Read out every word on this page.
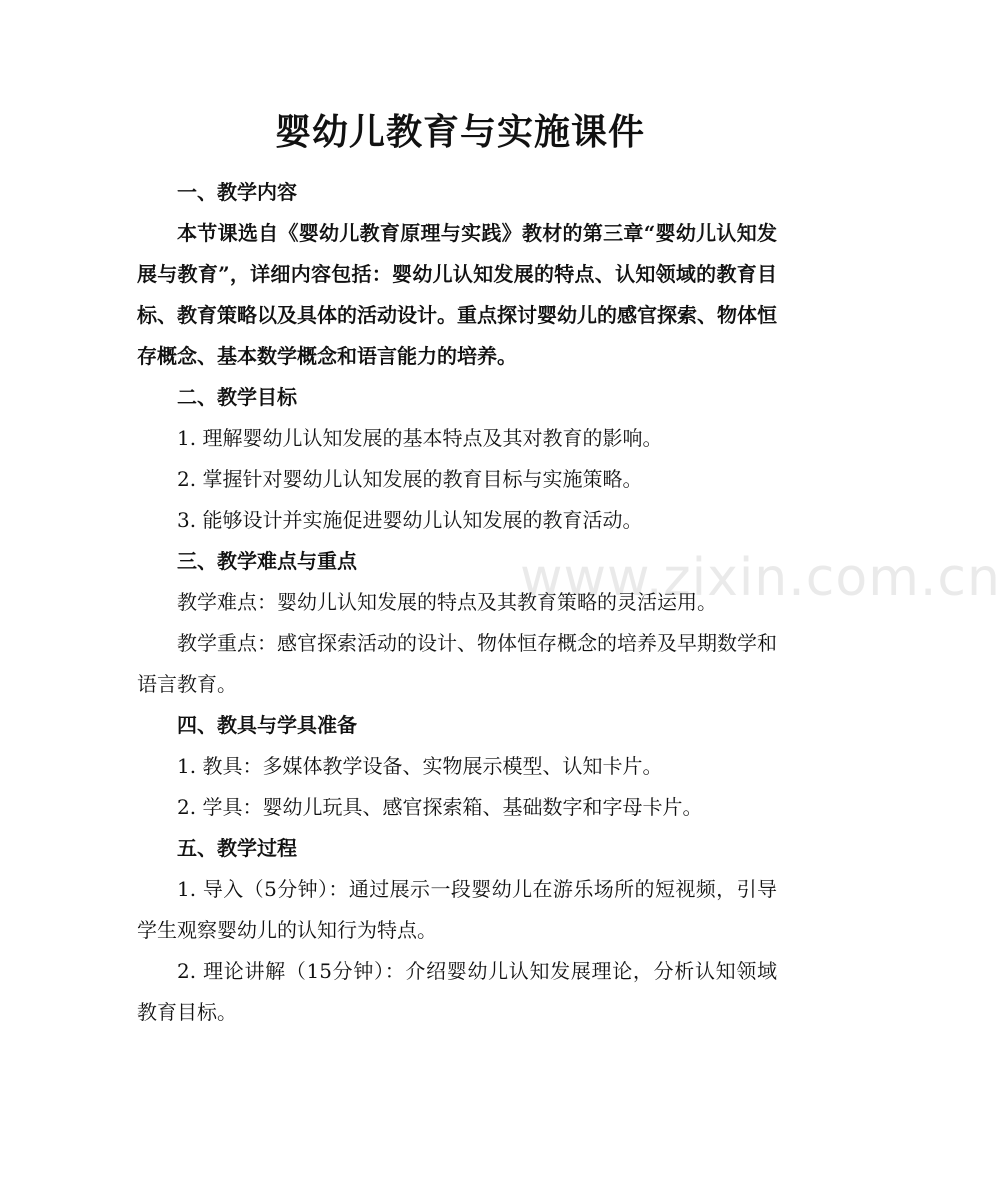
www.zixin.com.cn
婴幼儿教育与实施课件

一、教学内容

本节课选自《婴幼儿教育原理与实践》教材的第三章“婴幼儿认知发展与教育”，详细内容包括：婴幼儿认知发展的特点、认知领域的教育目标、教育策略以及具体的活动设计。重点探讨婴幼儿的感官探索、物体恒存概念、基本数学概念和语言能力的培养。

二、教学目标

1. 理解婴幼儿认知发展的基本特点及其对教育的影响。

2. 掌握针对婴幼儿认知发展的教育目标与实施策略。

3. 能够设计并实施促进婴幼儿认知发展的教育活动。

三、教学难点与重点

教学难点：婴幼儿认知发展的特点及其教育策略的灵活运用。

教学重点：感官探索活动的设计、物体恒存概念的培养及早期数学和语言教育。

四、教具与学具准备

1. 教具：多媒体教学设备、实物展示模型、认知卡片。

2. 学具：婴幼儿玩具、感官探索箱、基础数字和字母卡片。

五、教学过程

1. 导入（5分钟）：通过展示一段婴幼儿在游乐场所的短视频，引导学生观察婴幼儿的认知行为特点。

2. 理论讲解（15分钟）：介绍婴幼儿认知发展理论，分析认知领域教育目标。
